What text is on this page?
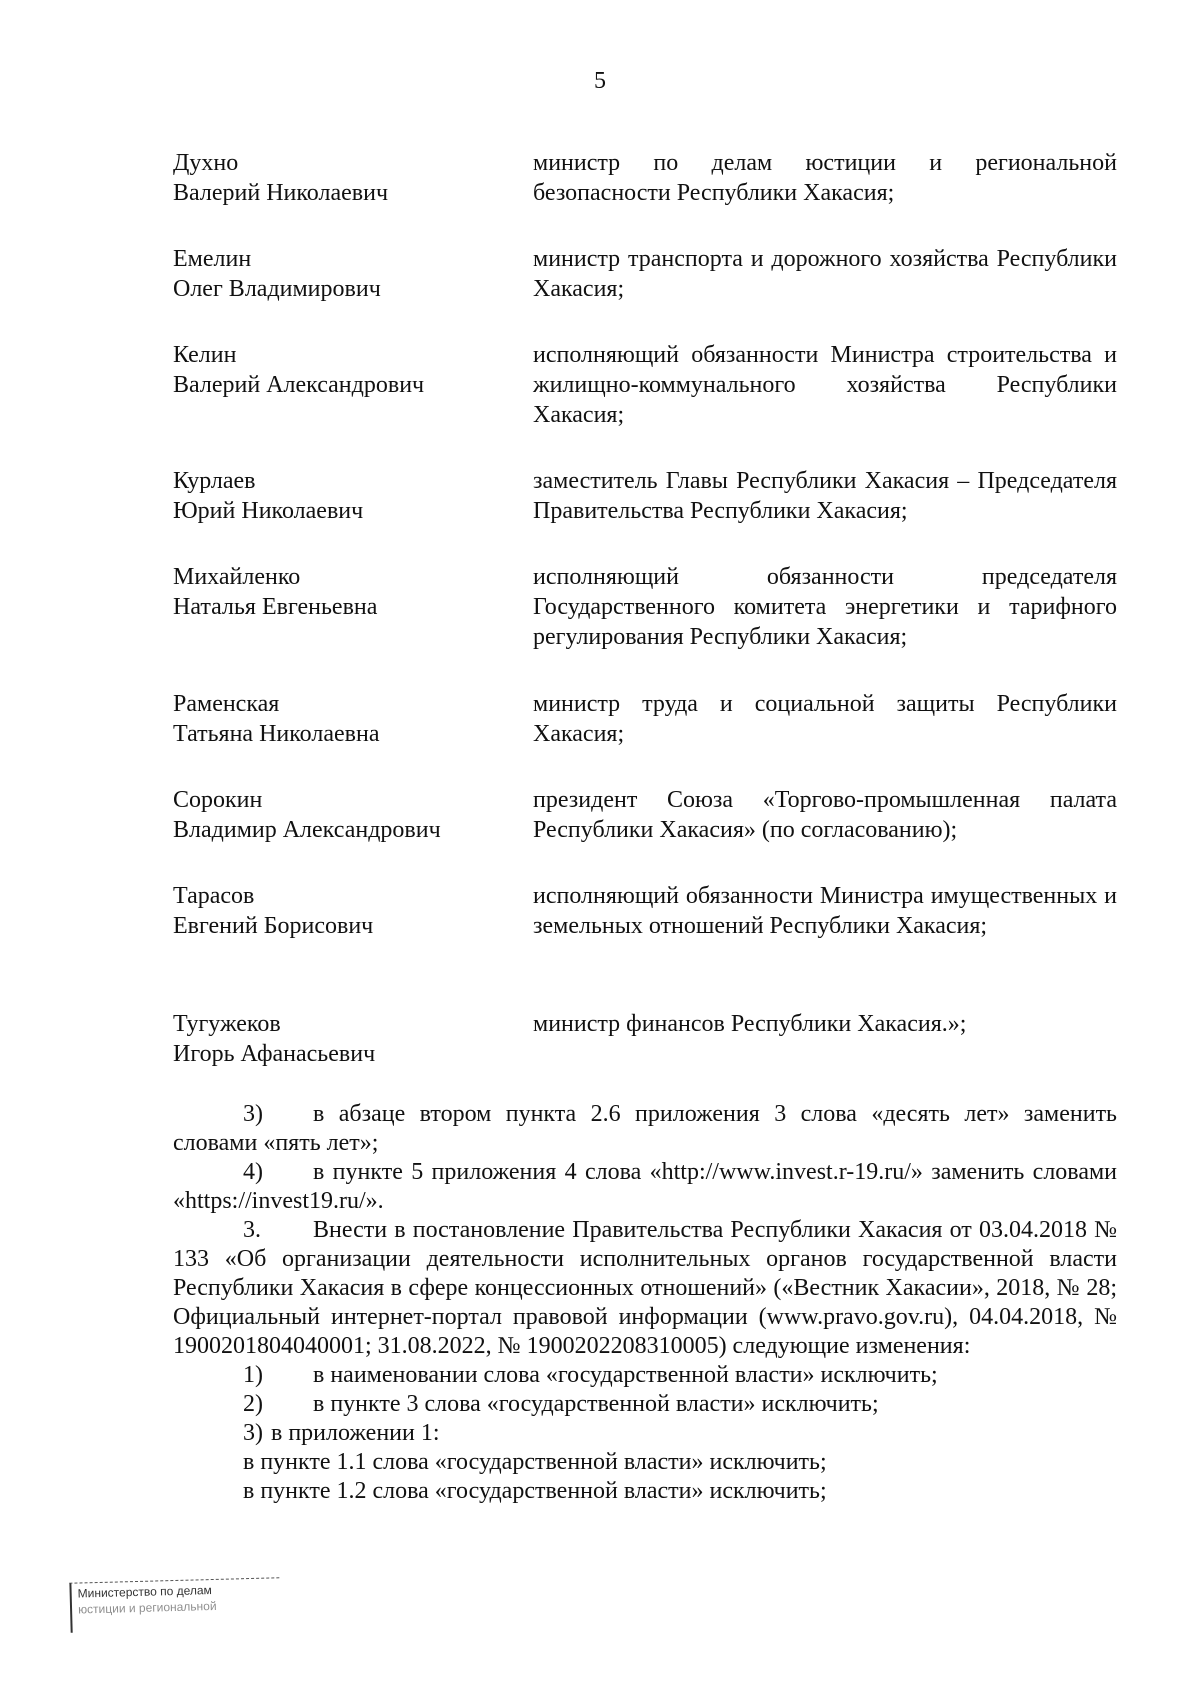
5
Духно
Валерий Николаевич
министр по делам юстиции и региональной безопасности Республики Хакасия;
Емелин
Олег Владимирович
министр транспорта и дорожного хозяйства Республики Хакасия;
Келин
Валерий Александрович
исполняющий обязанности Министра строительства и жилищно-коммунального хозяйства Республики Хакасия;
Курлаев
Юрий Николаевич
заместитель Главы Республики Хакасия – Председателя Правительства Республики Хакасия;
Михайленко
Наталья Евгеньевна
исполняющий обязанности председателя Государственного комитета энергетики и тарифного регулирования Республики Хакасия;
Раменская
Татьяна Николаевна
министр труда и социальной защиты Республики Хакасия;
Сорокин
Владимир Александрович
президент Союза «Торгово-промышленная палата Республики Хакасия» (по согласованию);
Тарасов
Евгений Борисович
исполняющий обязанности Министра имущественных и земельных отношений Республики Хакасия;
Тугужеков
Игорь Афанасьевич
министр финансов Республики Хакасия.»;

3) в абзаце втором пункта 2.6 приложения 3 слова «десять лет» заменить словами «пять лет»;

4) в пункте 5 приложения 4 слова «http://www.invest.r-19.ru/» заменить словами «https://invest19.ru/».

3. Внести в постановление Правительства Республики Хакасия от 03.04.2018 № 133 «Об организации деятельности исполнительных органов государственной власти Республики Хакасия в сфере концессионных отношений» («Вестник Хакасии», 2018, № 28; Официальный интернет-портал правовой информации (www.pravo.gov.ru), 04.04.2018, № 1900201804040001; 31.08.2022, № 1900202208310005) следующие изменения:

1) в наименовании слова «государственной власти» исключить;

2) в пункте 3 слова «государственной власти» исключить;

3) в приложении 1:

в пункте 1.1 слова «государственной власти» исключить;

в пункте 1.2 слова «государственной власти» исключить;

Министерство по делам
юстиции и региональной
